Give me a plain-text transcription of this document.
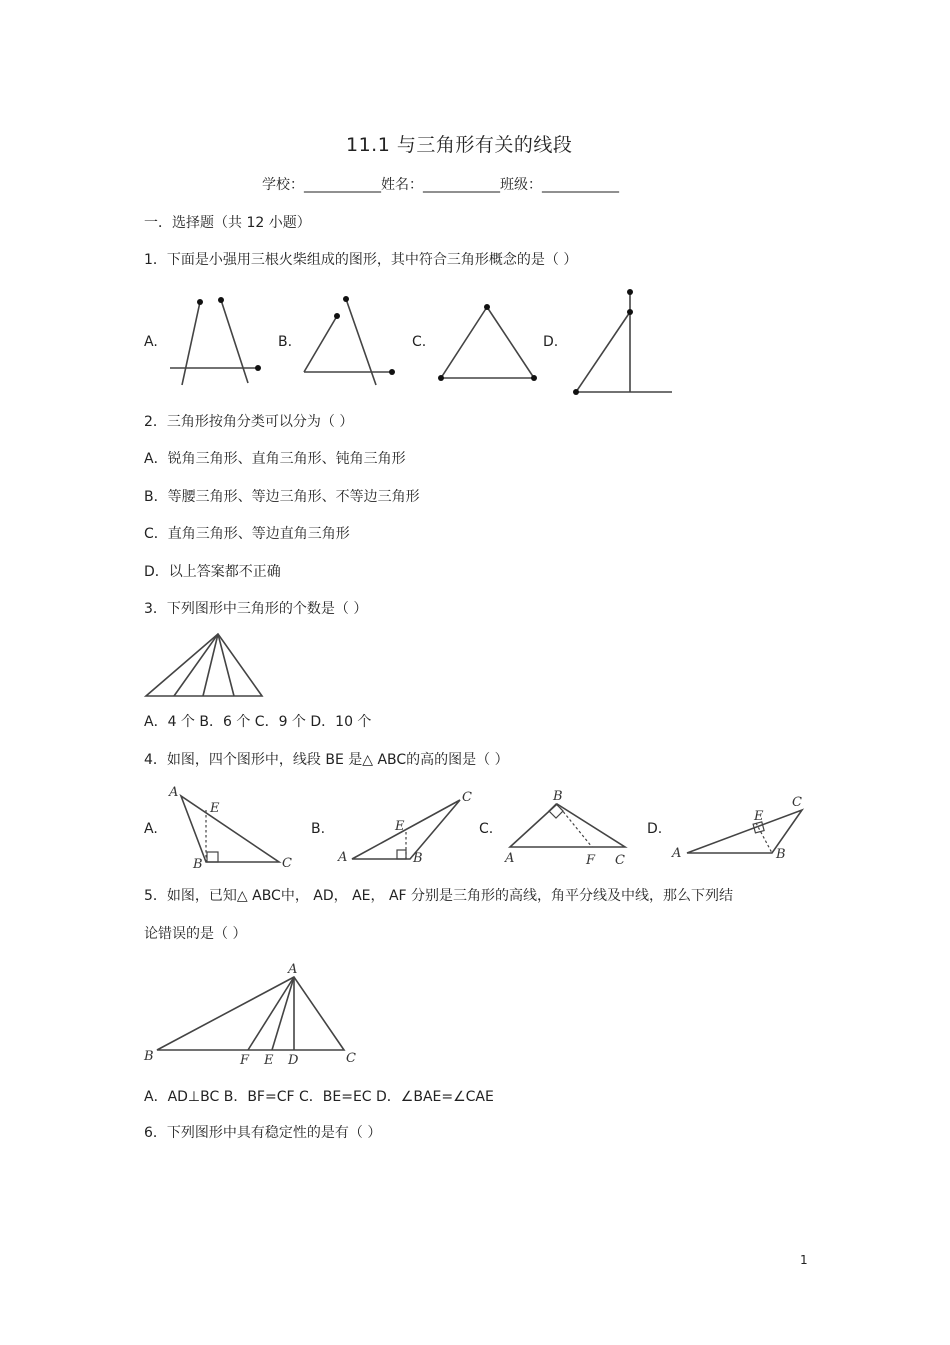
11.1 与三角形有关的线段
学校：___________姓名：___________班级：___________
一．选择题（共 12 小题）
1．下面是小强用三根火柴组成的图形，其中符合三角形概念的是（ ）
A.	B.	C.	D.
2．三角形按角分类可以分为（ ）
A．锐角三角形、直角三角形、钝角三角形
B．等腰三角形、等边三角形、不等边三角形
C．直角三角形、等边直角三角形
D．以上答案都不正确
3．下列图形中三角形的个数是（ ）
A．4 个 B．6 个 C．9 个 D．10 个
4．如图，四个图形中，线段 BE 是△ ABC的高的图是（ ）
A.	B.	C.	D.
A
E
B	C	A
E
B
C	B
A	F C	A
E
B
C
5．如图，已知△ ABC中， AD， AE， AF 分别是三角形的高线，角平分线及中线，那么下列结
论错误的是（ ）
A
B	F E D	C
A．AD⊥BC B．BF=CF C．BE=EC D．∠BAE=∠CAE
6．下列图形中具有稳定性的是有（ ）
1
